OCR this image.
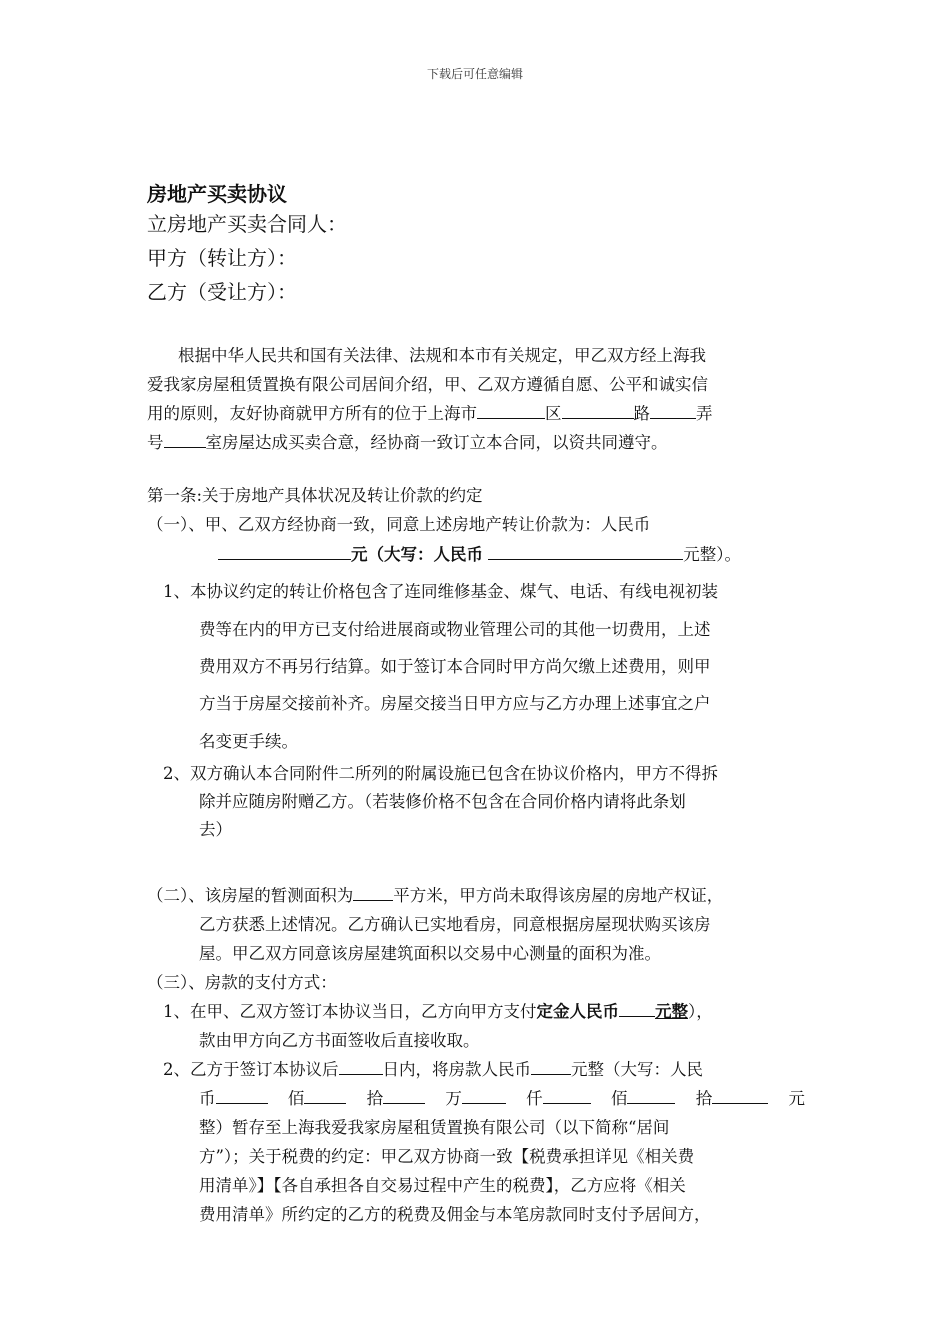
下载后可任意编辑
房地产买卖协议
立房地产买卖合同人：
甲方（转让方）：
乙方（受让方）：
根据中华人民共和国有关法律、法规和本市有关规定，甲乙双方经上海我
爱我家房屋租赁置换有限公司居间介绍，甲、乙双方遵循自愿、公平和诚实信
用的原则，友好协商就甲方所有的位于上海市	区	路	弄
号	室房屋达成买卖合意，经协商一致订立本合同，以资共同遵守。
第一条:关于房地产具体状况及转让价款的约定
（一）、甲、乙双方经协商一致，同意上述房地产转让价款为：人民币
元（大写：人民币	元整）。
1、本协议约定的转让价格包含了连同维修基金、煤气、电话、有线电视初装
费等在内的甲方已支付给进展商或物业管理公司的其他一切费用，上述
费用双方不再另行结算。如于签订本合同时甲方尚欠缴上述费用，则甲
方当于房屋交接前补齐。房屋交接当日甲方应与乙方办理上述事宜之户
名变更手续。
2、双方确认本合同附件二所列的附属设施已包含在协议价格内，甲方不得拆
除并应随房附赠乙方。（若装修价格不包含在合同价格内请将此条划
去）
（二）、该房屋的暂测面积为 平方米，甲方尚未取得该房屋的房地产权证，
乙方获悉上述情况。乙方确认已实地看房，同意根据房屋现状购买该房
屋。甲乙双方同意该房屋建筑面积以交易中心测量的面积为准。
（三）、房款的支付方式：
1、在甲、乙双方签订本协议当日，乙方向甲方支付定金人民币 元整），
款由甲方向乙方书面签收后直接收取。
2、乙方于签订本协议后	日内，将房款人民币 元整（大写：人民
币	佰	拾	万	仟	佰	拾	元
整）暂存至上海我爱我家房屋租赁置换有限公司（以下简称“居间
方”）；关于税费的约定：甲乙双方协商一致【税费承担详见《相关费
用清单》】【各自承担各自交易过程中产生的税费】，乙方应将《相关
费用清单》所约定的乙方的税费及佣金与本笔房款同时支付予居间方，
